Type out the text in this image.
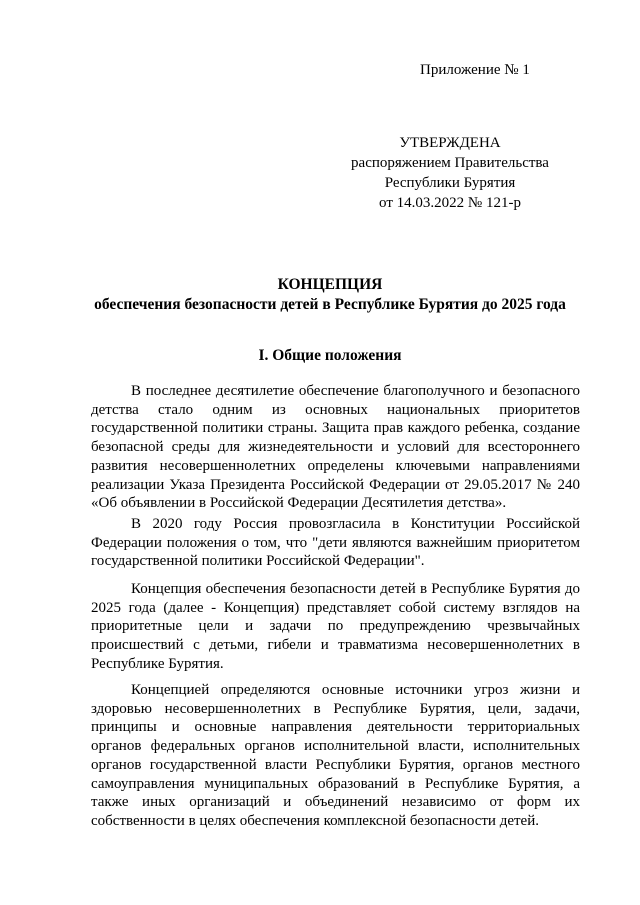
Приложение № 1
УТВЕРЖДЕНА
распоряжением Правительства
Республики Бурятия
от 14.03.2022 № 121-р
КОНЦЕПЦИЯ
обеспечения безопасности детей в Республике Бурятия до 2025 года
I. Общие положения
В последнее десятилетие обеспечение благополучного и безопасного
детства стало одним из основных национальных приоритетов
государственной политики страны. Защита прав каждого ребенка, создание
безопасной среды для жизнедеятельности и условий для всестороннего
развития несовершеннолетних определены ключевыми направлениями
реализации Указа Президента Российской Федерации от 29.05.2017 № 240
«Об объявлении в Российской Федерации Десятилетия детства».
В 2020 году Россия провозгласила в Конституции Российской
Федерации положения о том, что "дети являются важнейшим приоритетом
государственной политики Российской Федерации".
Концепция обеспечения безопасности детей в Республике Бурятия до
2025 года (далее - Концепция) представляет собой систему взглядов на
приоритетные цели и задачи по предупреждению чрезвычайных
происшествий с детьми, гибели и травматизма несовершеннолетних в
Республике Бурятия.
Концепцией определяются основные источники угроз жизни и
здоровью несовершеннолетних в Республике Бурятия, цели, задачи,
принципы и основные направления деятельности территориальных
органов федеральных органов исполнительной власти, исполнительных
органов государственной власти Республики Бурятия, органов местного
самоуправления муниципальных образований в Республике Бурятия, а
также иных организаций и объединений независимо от форм их
собственности в целях обеспечения комплексной безопасности детей.
